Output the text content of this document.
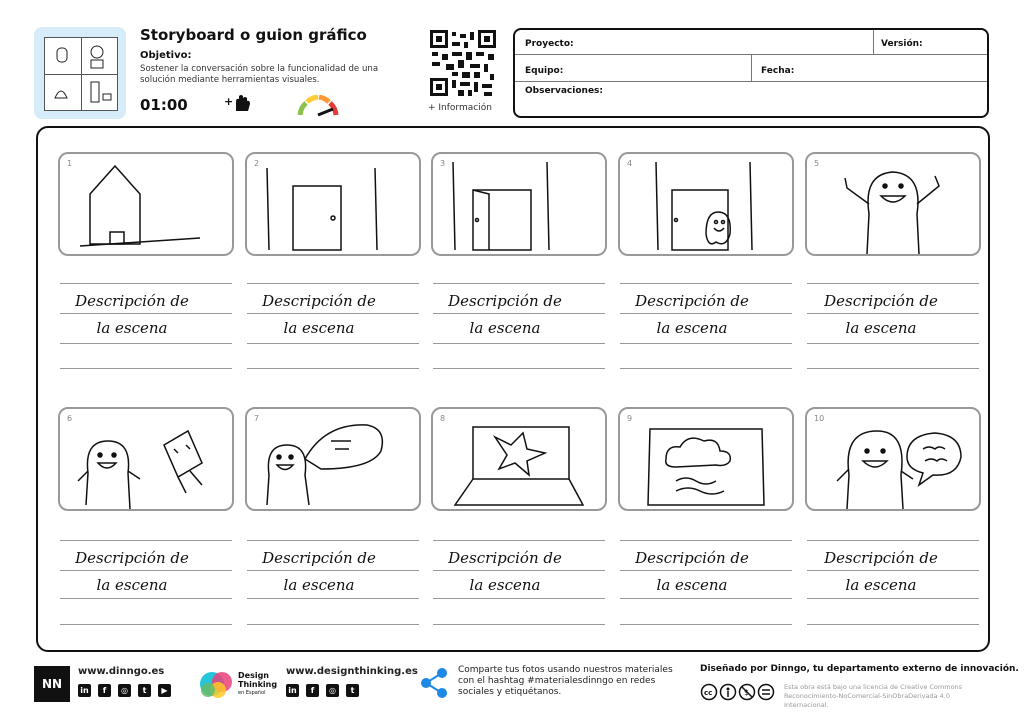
Storyboard o guion gráfico
Objetivo:
Sostener la conversación sobre la funcionalidad de una solución mediante herramientas visuales.
01:00	+	+ Información
Proyecto:	Versión:
Equipo:	Fecha:
Observaciones:
1	2	3	4	5
Descripción de
la escena
Descripción de
la escena
Descripción de
la escena
Descripción de
la escena
Descripción de
la escena
6	7	8	9	10
Descripción de
la escena
Descripción de
la escena
Descripción de
la escena
Descripción de
la escena
Descripción de
la escena
NN
www.dinngo.es
in	f	◎	t	▶
Design
Thinking
en Español
www.designthinking.es
in	f	◎	t
Comparte tus fotos usando nuestros materiales con el hashtag #materialesdinngo en redes sociales y etiquétanos.
Diseñado por Dinngo, tu departamento externo de innovación.
cc	$
Esta obra está bajo una licencia de Creative Commons Reconocimiento-NoComercial-SinObraDerivada 4.0 Internacional.
